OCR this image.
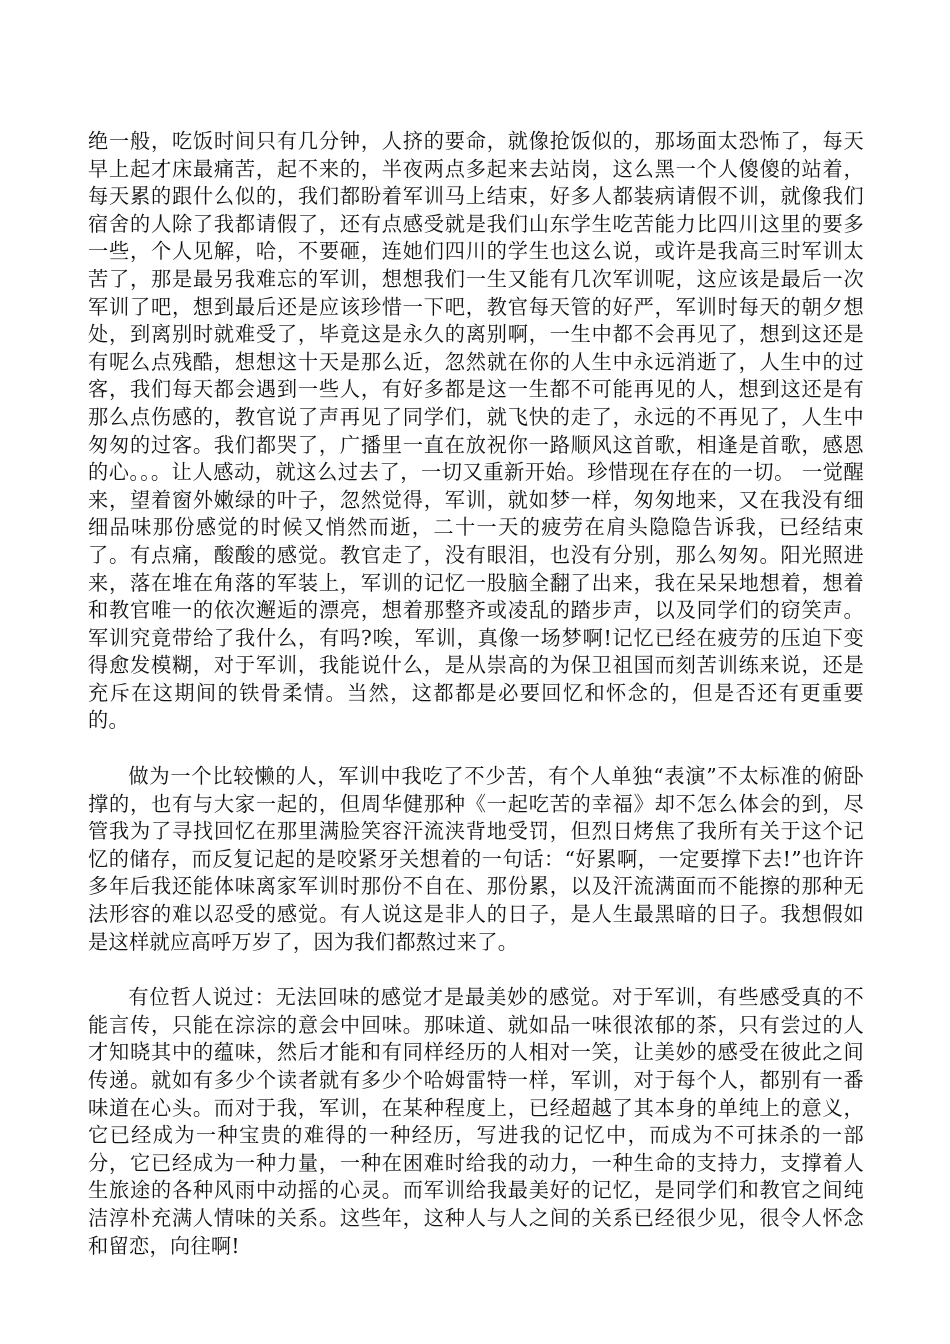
绝一般，吃饭时间只有几分钟，人挤的要命，就像抢饭似的，那场面太恐怖了，每天早上起才床最痛苦，起不来的，半夜两点多起来去站岗，这么黑一个人傻傻的站着，每天累的跟什么似的，我们都盼着军训马上结束，好多人都装病请假不训，就像我们宿舍的人除了我都请假了，还有点感受就是我们山东学生吃苦能力比四川这里的要多一些，个人见解，哈，不要砸，连她们四川的学生也这么说，或许是我高三时军训太苦了，那是最另我难忘的军训，想想我们一生又能有几次军训呢，这应该是最后一次军训了吧，想到最后还是应该珍惜一下吧，教官每天管的好严，军训时每天的朝夕想处，到离别时就难受了，毕竟这是永久的离别啊，一生中都不会再见了，想到这还是有呢么点残酷，想想这十天是那么近，忽然就在你的人生中永远消逝了，人生中的过客，我们每天都会遇到一些人，有好多都是这一生都不可能再见的人，想到这还是有那么点伤感的，教官说了声再见了同学们，就飞快的走了，永远的不再见了，人生中匆匆的过客。我们都哭了，广播里一直在放祝你一路顺风这首歌，相逢是首歌，感恩的心。。。让人感动，就这么过去了，一切又重新开始。珍惜现在存在的一切。 一觉醒来，望着窗外嫩绿的叶子，忽然觉得，军训，就如梦一样，匆匆地来，又在我没有细细品味那份感觉的时候又悄然而逝，二十一天的疲劳在肩头隐隐告诉我，已经结束了。有点痛，酸酸的感觉。教官走了，没有眼泪，也没有分别，那么匆匆。阳光照进来，落在堆在角落的军装上，军训的记忆一股脑全翻了出来，我在呆呆地想着，想着和教官唯一的依次邂逅的漂亮，想着那整齐或凌乱的踏步声，以及同学们的窃笑声。军训究竟带给了我什么，有吗?唉，军训，真像一场梦啊!记忆已经在疲劳的压迫下变得愈发模糊，对于军训，我能说什么，是从崇高的为保卫祖国而刻苦训练来说，还是充斥在这期间的铁骨柔情。当然，这都都是必要回忆和怀念的，但是否还有更重要的。

做为一个比较懒的人，军训中我吃了不少苦，有个人单独“表演”不太标准的俯卧撑的，也有与大家一起的，但周华健那种《一起吃苦的幸福》却不怎么体会的到，尽管我为了寻找回忆在那里满脸笑容汗流浃背地受罚，但烈日烤焦了我所有关于这个记忆的储存，而反复记起的是咬紧牙关想着的一句话：“好累啊，一定要撑下去!”也许许多年后我还能体味离家军训时那份不自在、那份累，以及汗流满面而不能擦的那种无法形容的难以忍受的感觉。有人说这是非人的日子，是人生最黑暗的日子。我想假如是这样就应高呼万岁了，因为我们都熬过来了。

有位哲人说过：无法回味的感觉才是最美妙的感觉。对于军训，有些感受真的不能言传，只能在淙淙的意会中回味。那味道、就如品一味很浓郁的茶，只有尝过的人才知晓其中的蕴味，然后才能和有同样经历的人相对一笑，让美妙的感受在彼此之间传递。就如有多少个读者就有多少个哈姆雷特一样，军训，对于每个人，都别有一番味道在心头。而对于我，军训，在某种程度上，已经超越了其本身的单纯上的意义，它已经成为一种宝贵的难得的一种经历，写进我的记忆中，而成为不可抹杀的一部分，它已经成为一种力量，一种在困难时给我的动力，一种生命的支持力，支撑着人生旅途的各种风雨中动摇的心灵。而军训给我最美好的记忆，是同学们和教官之间纯洁淳朴充满人情味的关系。这些年，这种人与人之间的关系已经很少见，很令人怀念和留恋，向往啊!
